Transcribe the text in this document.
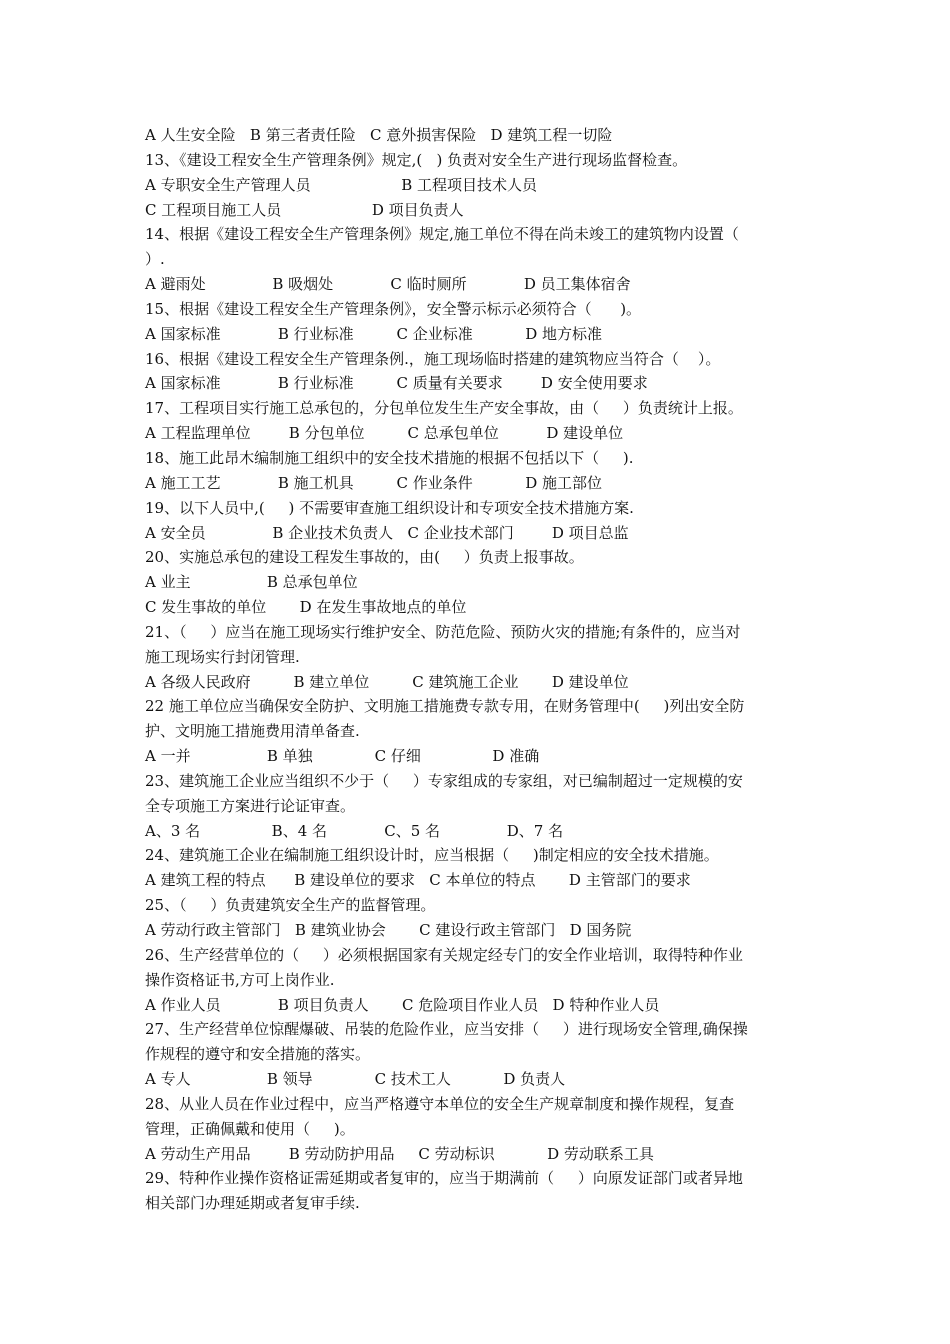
A 人生安全险   B 第三者责任险   C 意外损害保险   D 建筑工程一切险
13、《建设工程安全生产管理条例》规定,(   ) 负责对安全生产进行现场监督检查。
A 专职安全生产管理人员                   B 工程项目技术人员
C 工程项目施工人员                   D 项目负责人
14、根据《建设工程安全生产管理条例》规定,施工单位不得在尚未竣工的建筑物内设置（
）.
A 避雨处              B 吸烟处            C 临时厕所            D 员工集体宿舍
15、根据《建设工程安全生产管理条例》，安全警示标示必须符合（      )。
A 国家标准            B 行业标准         C 企业标准           D 地方标准
16、根据《建设工程安全生产管理条例.，施工现场临时搭建的建筑物应当符合（    ）。
A 国家标准            B 行业标准         C 质量有关要求        D 安全使用要求
17、工程项目实行施工总承包的，分包单位发生生产安全事故，由（     ）负责统计上报。
A 工程监理单位        B 分包单位         C 总承包单位          D 建设单位
18、施工此昂木编制施工组织中的安全技术措施的根据不包括以下（     ).
A 施工工艺            B 施工机具         C 作业条件           D 施工部位
19、以下人员中,(     ) 不需要审查施工组织设计和专项安全技术措施方案.
A 安全员              B 企业技术负责人   C 企业技术部门        D 项目总监
20、实施总承包的建设工程发生事故的，由(     ）负责上报事故。
A 业主                B 总承包单位
C 发生事故的单位       D 在发生事故地点的单位
21、（     ）应当在施工现场实行维护安全、防范危险、预防火灾的措施;有条件的，应当对
施工现场实行封闭管理.
A 各级人民政府         B 建立单位         C 建筑施工企业       D 建设单位
22 施工单位应当确保安全防护、文明施工措施费专款专用，在财务管理中(     )列出安全防
护、文明施工措施费用清单备查.
A 一并                B 单独             C 仔细               D 准确
23、建筑施工企业应当组织不少于（     ）专家组成的专家组，对已编制超过一定规模的安
全专项施工方案进行论证审查。
A、3 名               B、4 名            C、5 名              D、7 名
24、建筑施工企业在编制施工组织设计时，应当根据（     )制定相应的安全技术措施。
A 建筑工程的特点      B 建设单位的要求   C 本单位的特点       D 主管部门的要求
25、（     ）负责建筑安全生产的监督管理。
A 劳动行政主管部门   B 建筑业协会       C 建设行政主管部门   D 国务院
26、生产经营单位的（     ）必须根据国家有关规定经专门的安全作业培训，取得特种作业
操作资格证书,方可上岗作业.
A 作业人员            B 项目负责人       C 危险项目作业人员   D 特种作业人员
27、生产经营单位惊醒爆破、吊装的危险作业，应当安排（     ）进行现场安全管理,确保操
作规程的遵守和安全措施的落实。
A 专人                B 领导             C 技术工人           D 负责人
28、从业人员在作业过程中，应当严格遵守本单位的安全生产规章制度和操作规程，复查
管理，正确佩戴和使用（     )。
A 劳动生产用品        B 劳动防护用品     C 劳动标识           D 劳动联系工具
29、特种作业操作资格证需延期或者复审的，应当于期满前（     ）向原发证部门或者异地
相关部门办理延期或者复审手续.
